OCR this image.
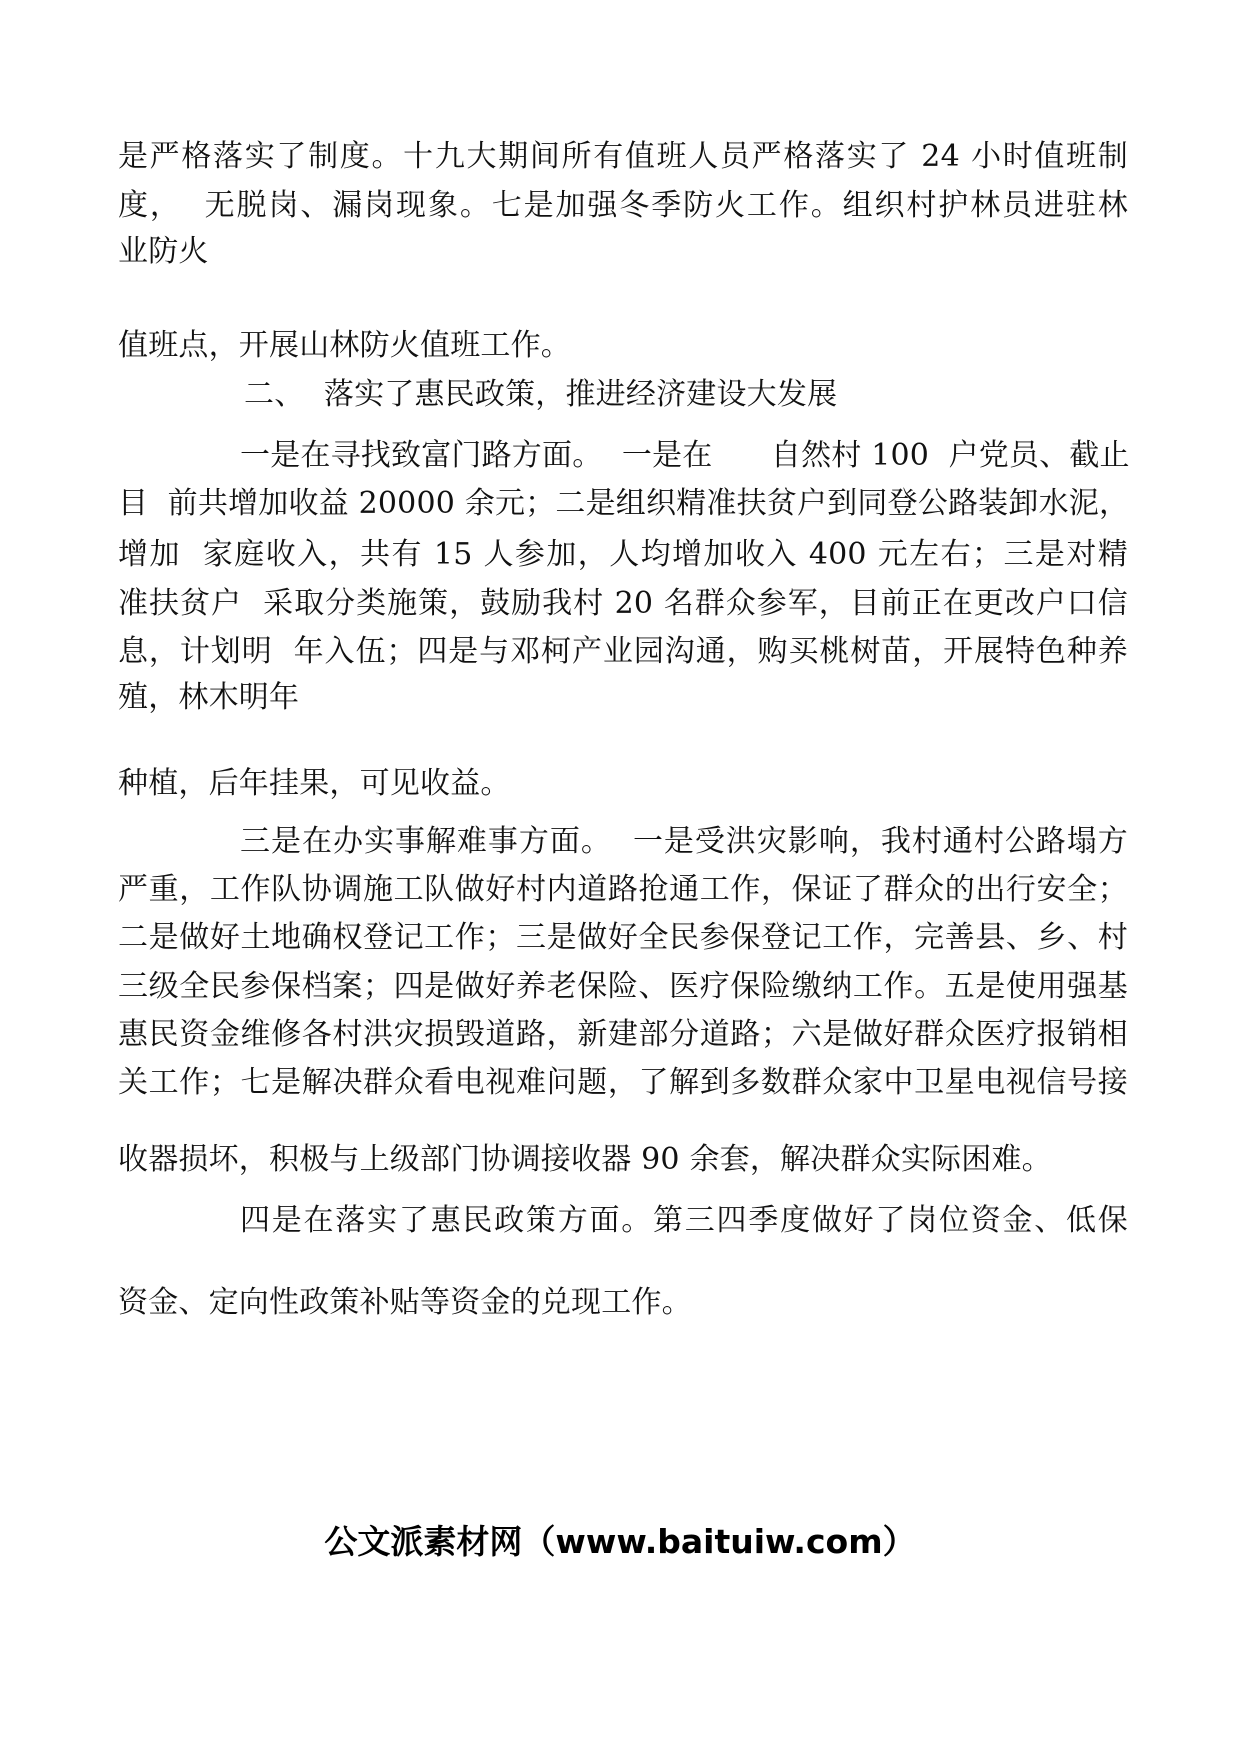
是严格落实了制度。十九大期间所有值班人员严格落实了 24 小时值班制
度，  无脱岗、漏岗现象。七是加强冬季防火工作。组织村护林员进驻林
业防火
值班点，开展山林防火值班工作。
二、  落实了惠民政策，推进经济建设大发展
一是在寻找致富门路方面。  一是在      自然村 100  户党员、截止
目  前共增加收益 20000 余元；二是组织精准扶贫户到同登公路装卸水泥，
增加  家庭收入，共有 15 人参加，人均增加收入 400 元左右；三是对精
准扶贫户  采取分类施策，鼓励我村 20 名群众参军，目前正在更改户口信
息，计划明  年入伍；四是与邓柯产业园沟通，购买桃树苗，开展特色种养
殖，林木明年
种植，后年挂果，可见收益。
三是在办实事解难事方面。  一是受洪灾影响，我村通村公路塌方
严重，工作队协调施工队做好村内道路抢通工作，保证了群众的出行安全；
二是做好土地确权登记工作；三是做好全民参保登记工作，完善县、乡、村
三级全民参保档案；四是做好养老保险、医疗保险缴纳工作。五是使用强基
惠民资金维修各村洪灾损毁道路，新建部分道路；六是做好群众医疗报销相
关工作；七是解决群众看电视难问题，了解到多数群众家中卫星电视信号接
收器损坏，积极与上级部门协调接收器 90 余套，解决群众实际困难。
四是在落实了惠民政策方面。第三四季度做好了岗位资金、低保
资金、定向性政策补贴等资金的兑现工作。
公文派素材网（www.baituiw.com）
